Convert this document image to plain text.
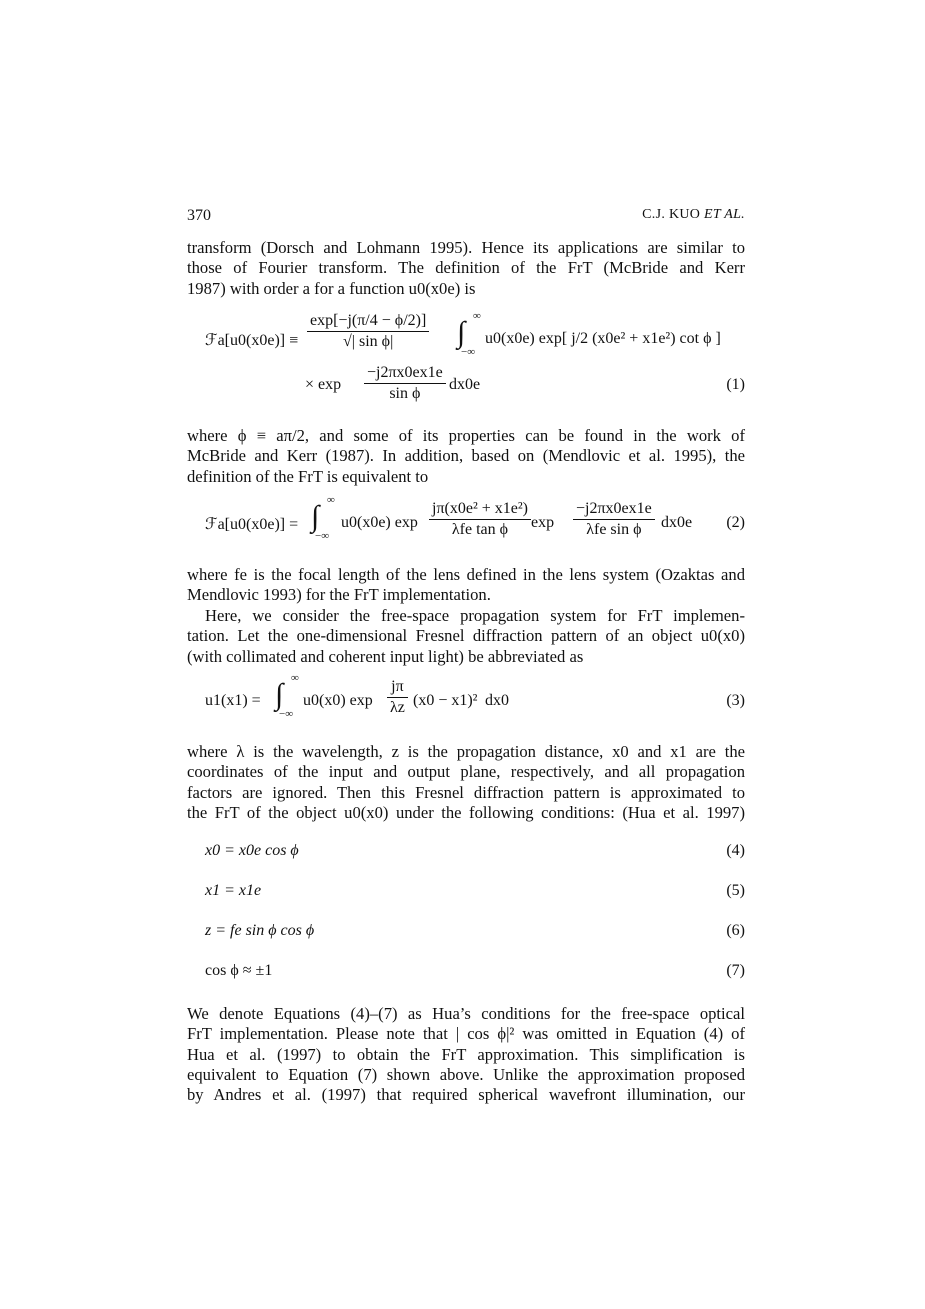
370	C.J. KUO ET AL.

transform (Dorsch and Lohmann 1995). Hence its applications are similar to
those of Fourier transform. The definition of the FrT (McBride and Kerr
1987) with order a for a function u0(x0e) is

ℱa[u0(x0e)] ≡ $\frac{\exp[-j(\pi/4 - \phi/2)]}{\text{√| sin ϕ|}}$ ∫ ∞
−∞
u0(x0e) exp[ j/2 (x0e² + x1e²) cot ϕ ]
× $\exp \frac{-j2\pi x0ex1e}{\text{sin ϕ}} dx0e$	(1)

where ϕ ≡ aπ/2, and some of its properties can be found in the work of
McBride and Kerr (1987). In addition, based on (Mendlovic et al. 1995), the
definition of the FrT is equivalent to

ℱa[u0(x0e)] = ∫ ∞
−∞
u0(x0e) exp
jπ(x0e² + x1e²)
λfe tan ϕ	exp
−j2πx0ex1e
λfe sin ϕ	dx0e (2)

where fe is the focal length of the lens defined in the lens system (Ozaktas and
Mendlovic 1993) for the FrT implementation.

Here, we consider the free-space propagation system for FrT implemen-
tation. Let the one-dimensional Fresnel diffraction pattern of an object u0(x0)
(with collimated and coherent input light) be abbreviated as

u1(x1) = ∫ ∞
−∞
u0(x0) $\exp \frac{j\pi}{\lambda z} (x0 - x1)^2$ dx0	(3)

where λ is the wavelength, z is the propagation distance, x0 and x1 are the
coordinates of the input and output plane, respectively, and all propagation
factors are ignored. Then this Fresnel diffraction pattern is approximated to
the FrT of the object u0(x0) under the following conditions: (Hua et al. 1997)

x0 = x0e cos ϕ	(4)
x1 = x1e	(5)
z = fe sin ϕ cos ϕ	(6)
cos ϕ ≈ ±1	(7)

We denote Equations (4)–(7) as Hua’s conditions for the free-space optical
FrT implementation. Please note that | cos ϕ|² was omitted in Equation (4) of
Hua et al. (1997) to obtain the FrT approximation. This simplification is
equivalent to Equation (7) shown above. Unlike the approximation proposed
by Andres et al. (1997) that required spherical wavefront illumination, our
